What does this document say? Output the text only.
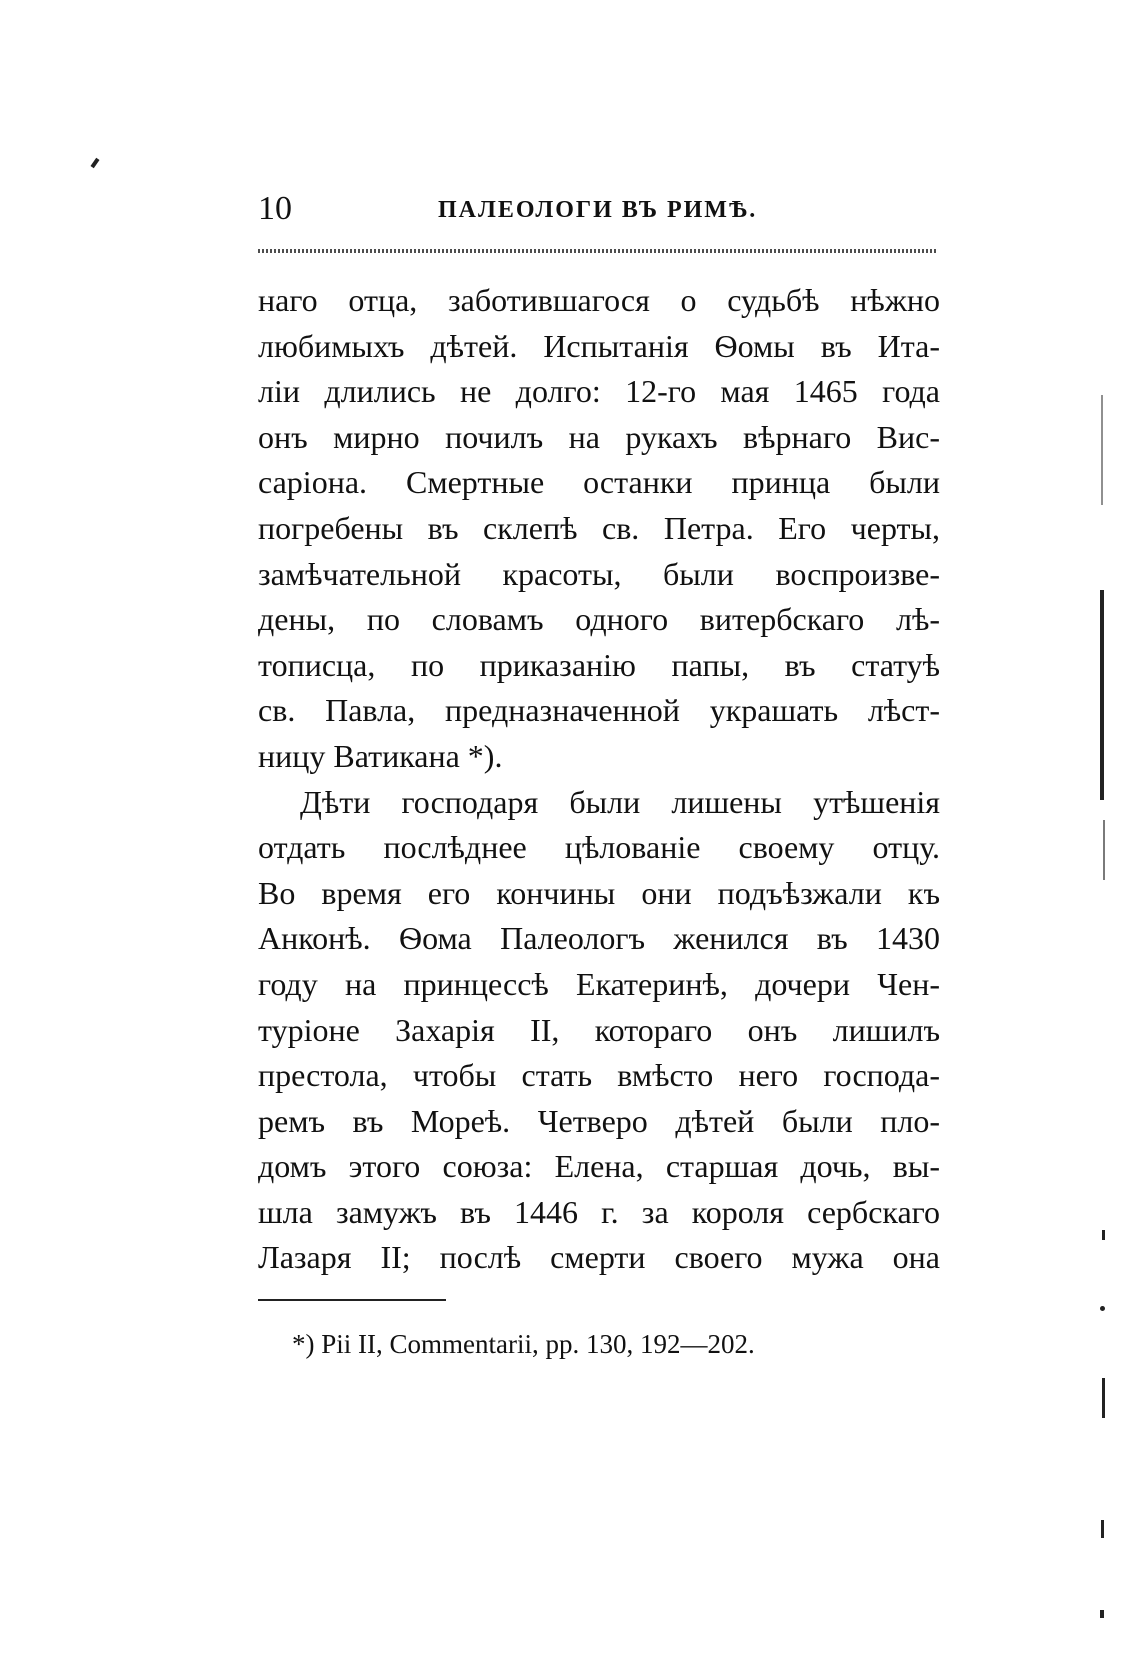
10	ПАЛЕОЛОГИ ВЪ РИМѢ.
наго отца, заботившагося о судьбѣ нѣжно
любимыхъ дѣтей. Испытанія Ѳомы въ Ита-
ліи длились не долго: 12-го мая 1465 года
онъ мирно почилъ на рукахъ вѣрнаго Вис-
саріона. Смертные останки принца были
погребены въ склепѣ св. Петра. Его черты,
замѣчательной красоты, были воспроизве-
дены, по словамъ одного витербскаго лѣ-
тописца, по приказанію папы, въ статуѣ
св. Павла, предназначенной украшать лѣст-
ницу Ватикана *).
Дѣти господаря были лишены утѣшенія
отдать послѣднее цѣлованіе своему отцу.
Во время его кончины они подъѣзжали къ
Анконѣ. Ѳома Палеологъ женился въ 1430
году на принцессѣ Екатеринѣ, дочери Чен-
туріоне Захарія II, котораго онъ лишилъ
престола, чтобы стать вмѣсто него господа-
ремъ въ Мореѣ. Четверо дѣтей были пло-
домъ этого союза: Елена, старшая дочь, вы-
шла замужъ въ 1446 г. за короля сербскаго
Лазаря II; послѣ смерти своего мужа она
*) Pii II, Commentarii, pp. 130, 192—202.
